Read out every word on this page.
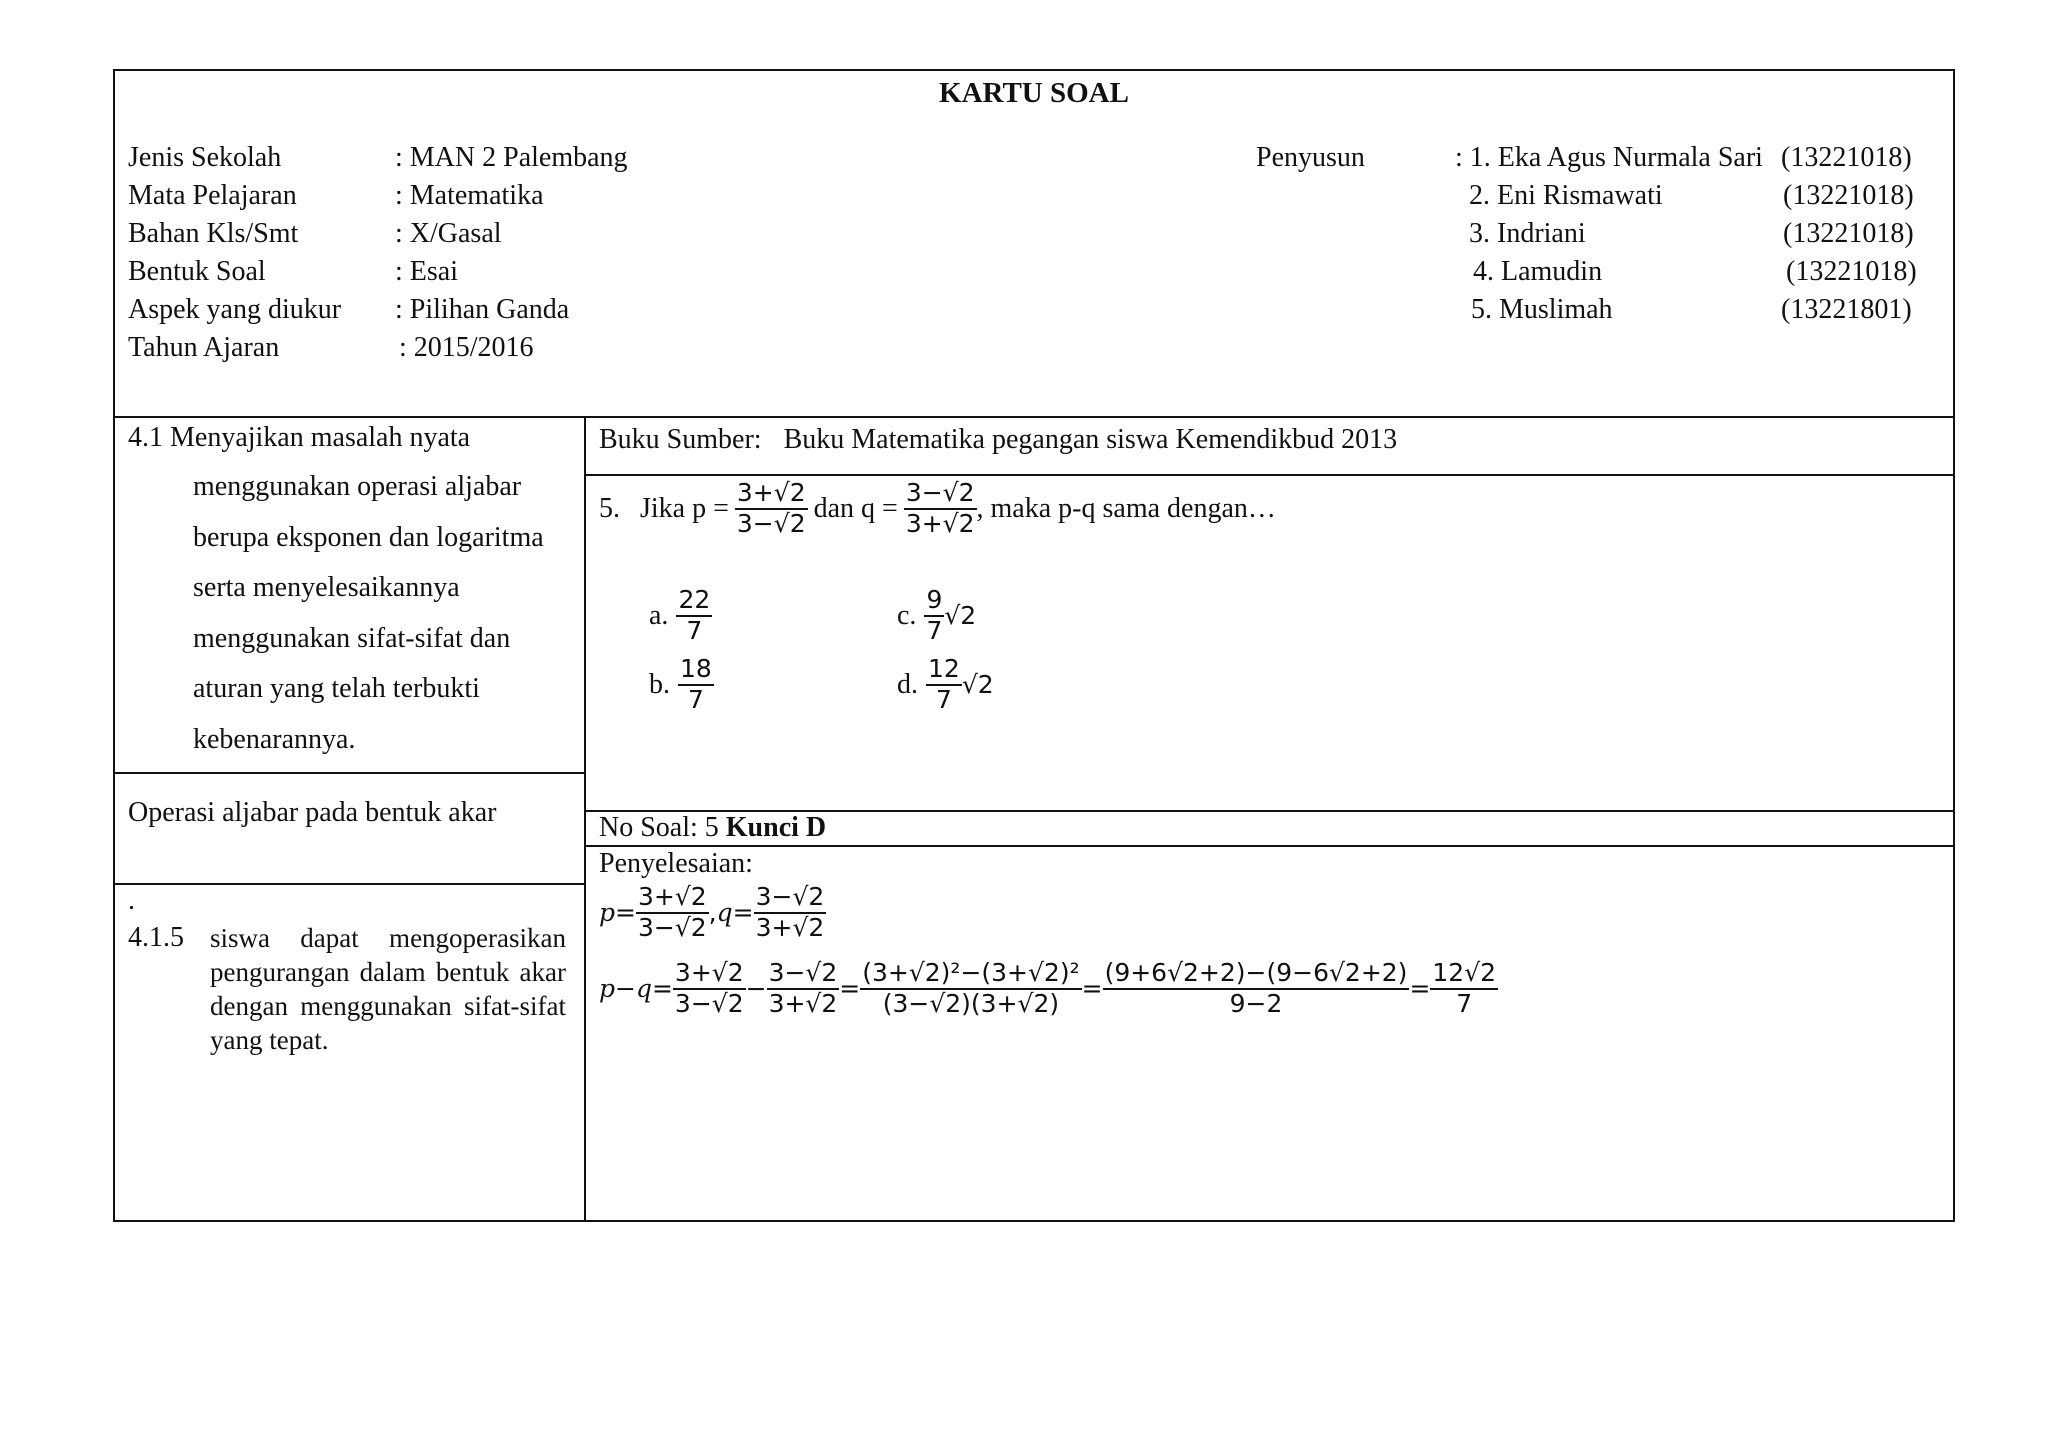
KARTU SOAL
Jenis Sekolah	: MAN 2 Palembang
Mata Pelajaran	: Matematika
Bahan Kls/Smt	: X/Gasal
Bentuk Soal	: Esai
Aspek yang diukur : Pilihan Ganda
Tahun Ajaran	: 2015/2016
Penyusun	: 1. Eka Agus Nurmala Sari (13221018)
2. Eni Rismawati	(13221018)
3. Indriani	(13221018)
4. Lamudin	(13221018)
5. Muslimah	(13221801)
4.1 Menyajikan masalah nyata
menggunakan operasi aljabar
berupa eksponen dan logaritma
serta menyelesaikannya
menggunakan sifat-sifat dan
aturan yang telah terbukti
kebenarannya.
Operasi aljabar pada bentuk akar
.
4.1.5 siswa dapat mengoperasikan pengurangan dalam bentuk akar dengan menggunakan sifat-sifat yang tepat.
Buku Sumber: Buku Matematika pegangan siswa Kemendikbud 2013
5. Jika $p = \frac{3+√2}{3-√2}$ dan $q = \frac{3-√2}{3+√2}$ , maka p-q sama dengan…
a. $\frac{22}{7}$
b. $\frac{18}{7}$
c. $\frac{9}{7} √2$
d. $\frac{12}{7} √2$
No Soal: 5 Kunci D
Penyelesaian:
$p = \frac{3+√2}{3-√2}$ , $q = \frac{3-√2}{3+√2}$
$p-q = \frac{3+√2}{3-√2} - \frac{3-√2}{3+√2} = \frac{\text{(3+√2)²−(3+√2)²}}{(3-√2)(3+√2)} = \frac{(9+6√2+2)-(9-6√2+2)}{9-2} = \frac{12√2}{7}$
